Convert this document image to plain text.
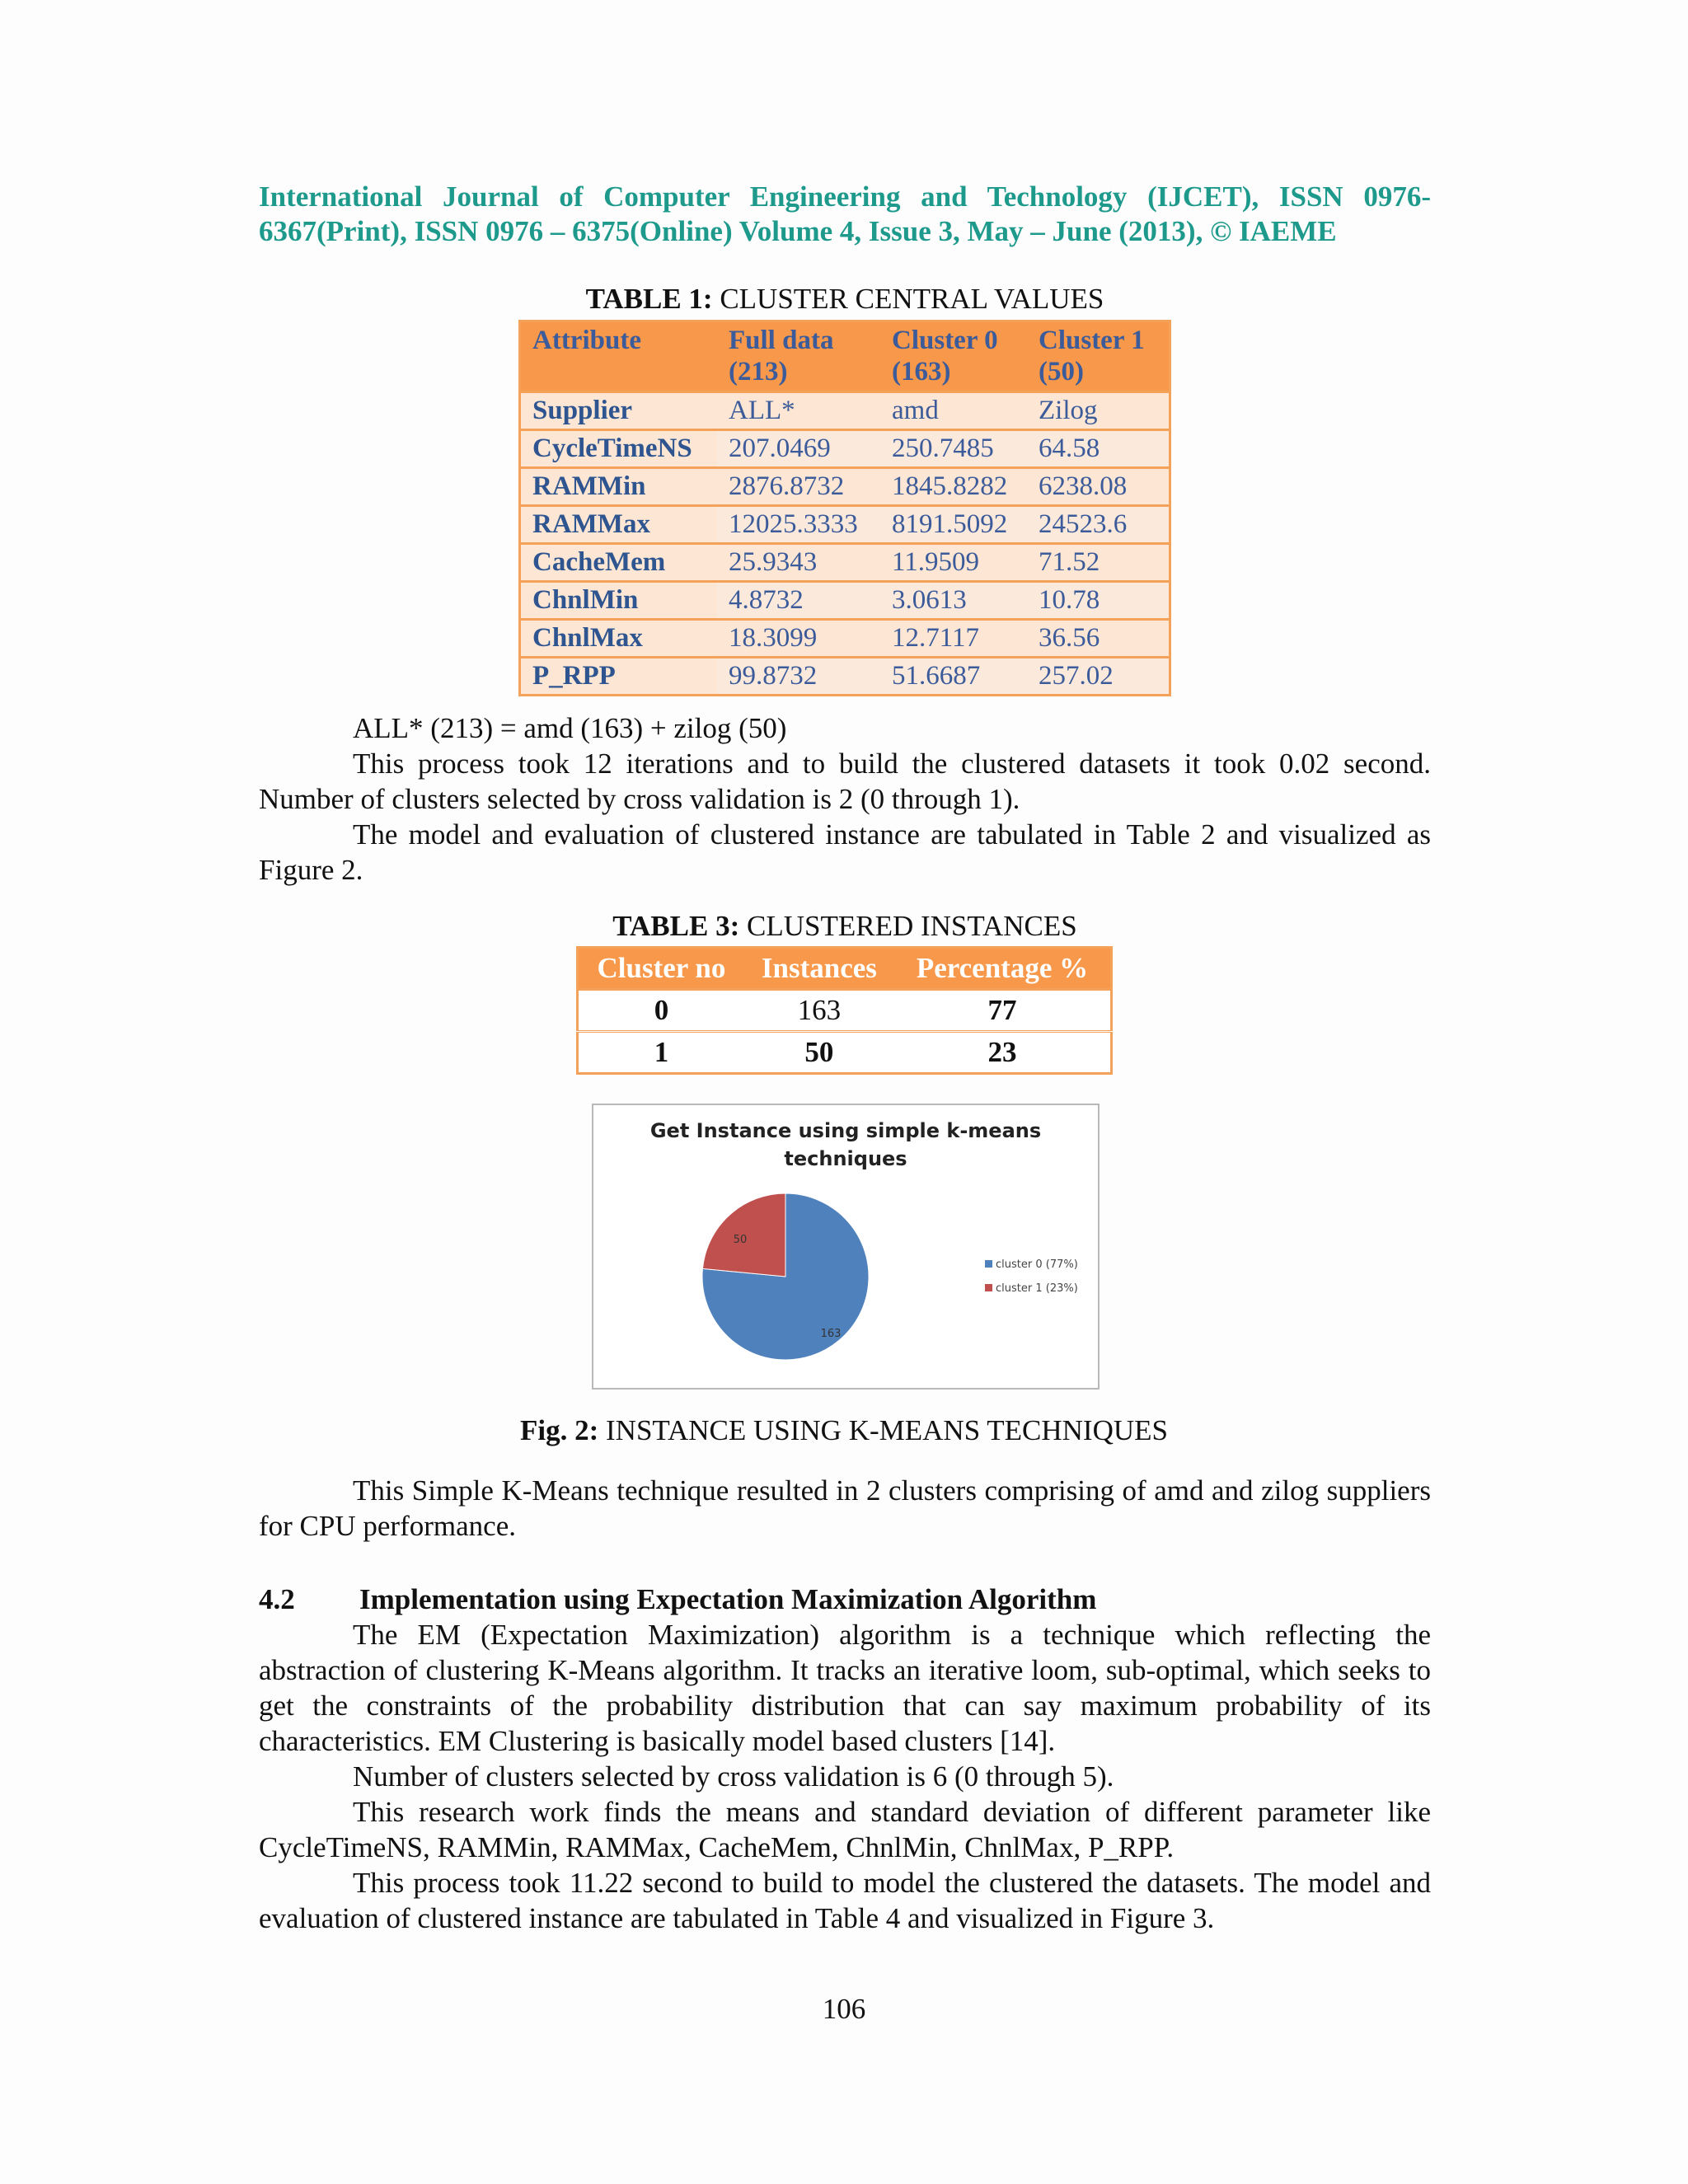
International Journal of Computer Engineering and Technology (IJCET), ISSN 0976-6367(Print), ISSN 0976 – 6375(Online) Volume 4, Issue 3, May – June (2013), © IAEME
TABLE 1: CLUSTER CENTRAL VALUES
Attribute	Full data (213)	Cluster 0 (163)	Cluster 1 (50)
Supplier	ALL*	amd	Zilog
CycleTimeNS	207.0469	250.7485	64.58
RAMMin	2876.8732	1845.8282	6238.08
RAMMax	12025.3333	8191.5092	24523.6
CacheMem	25.9343	11.9509	71.52
ChnlMin	4.8732	3.0613	10.78
ChnlMax	18.3099	12.7117	36.56
P_RPP	99.8732	51.6687	257.02
ALL* (213) = amd (163) + zilog (50)
This process took 12 iterations and to build the clustered datasets it took 0.02 second. Number of clusters selected by cross validation is 2 (0 through 1).
The model and evaluation of clustered instance are tabulated in Table 2 and visualized as Figure 2.
TABLE 3: CLUSTERED INSTANCES
Cluster no	Instances	Percentage %
0	163	77
1	50	23
Get Instance using simple k-means
techniques
163
50
cluster 0 (77%)
cluster 1 (23%)
Fig. 2: INSTANCE USING K-MEANS TECHNIQUES
This Simple K-Means technique resulted in 2 clusters comprising of amd and zilog suppliers for CPU performance.
4.2 Implementation using Expectation Maximization Algorithm
The EM (Expectation Maximization) algorithm is a technique which reflecting the abstraction of clustering K-Means algorithm. It tracks an iterative loom, sub-optimal, which seeks to get the constraints of the probability distribution that can say maximum probability of its characteristics. EM Clustering is basically model based clusters [14].
Number of clusters selected by cross validation is 6 (0 through 5).
This research work finds the means and standard deviation of different parameter like CycleTimeNS, RAMMin, RAMMax, CacheMem, ChnlMin, ChnlMax, P_RPP.
This process took 11.22 second to build to model the clustered the datasets. The model and evaluation of clustered instance are tabulated in Table 4 and visualized in Figure 3.
106
